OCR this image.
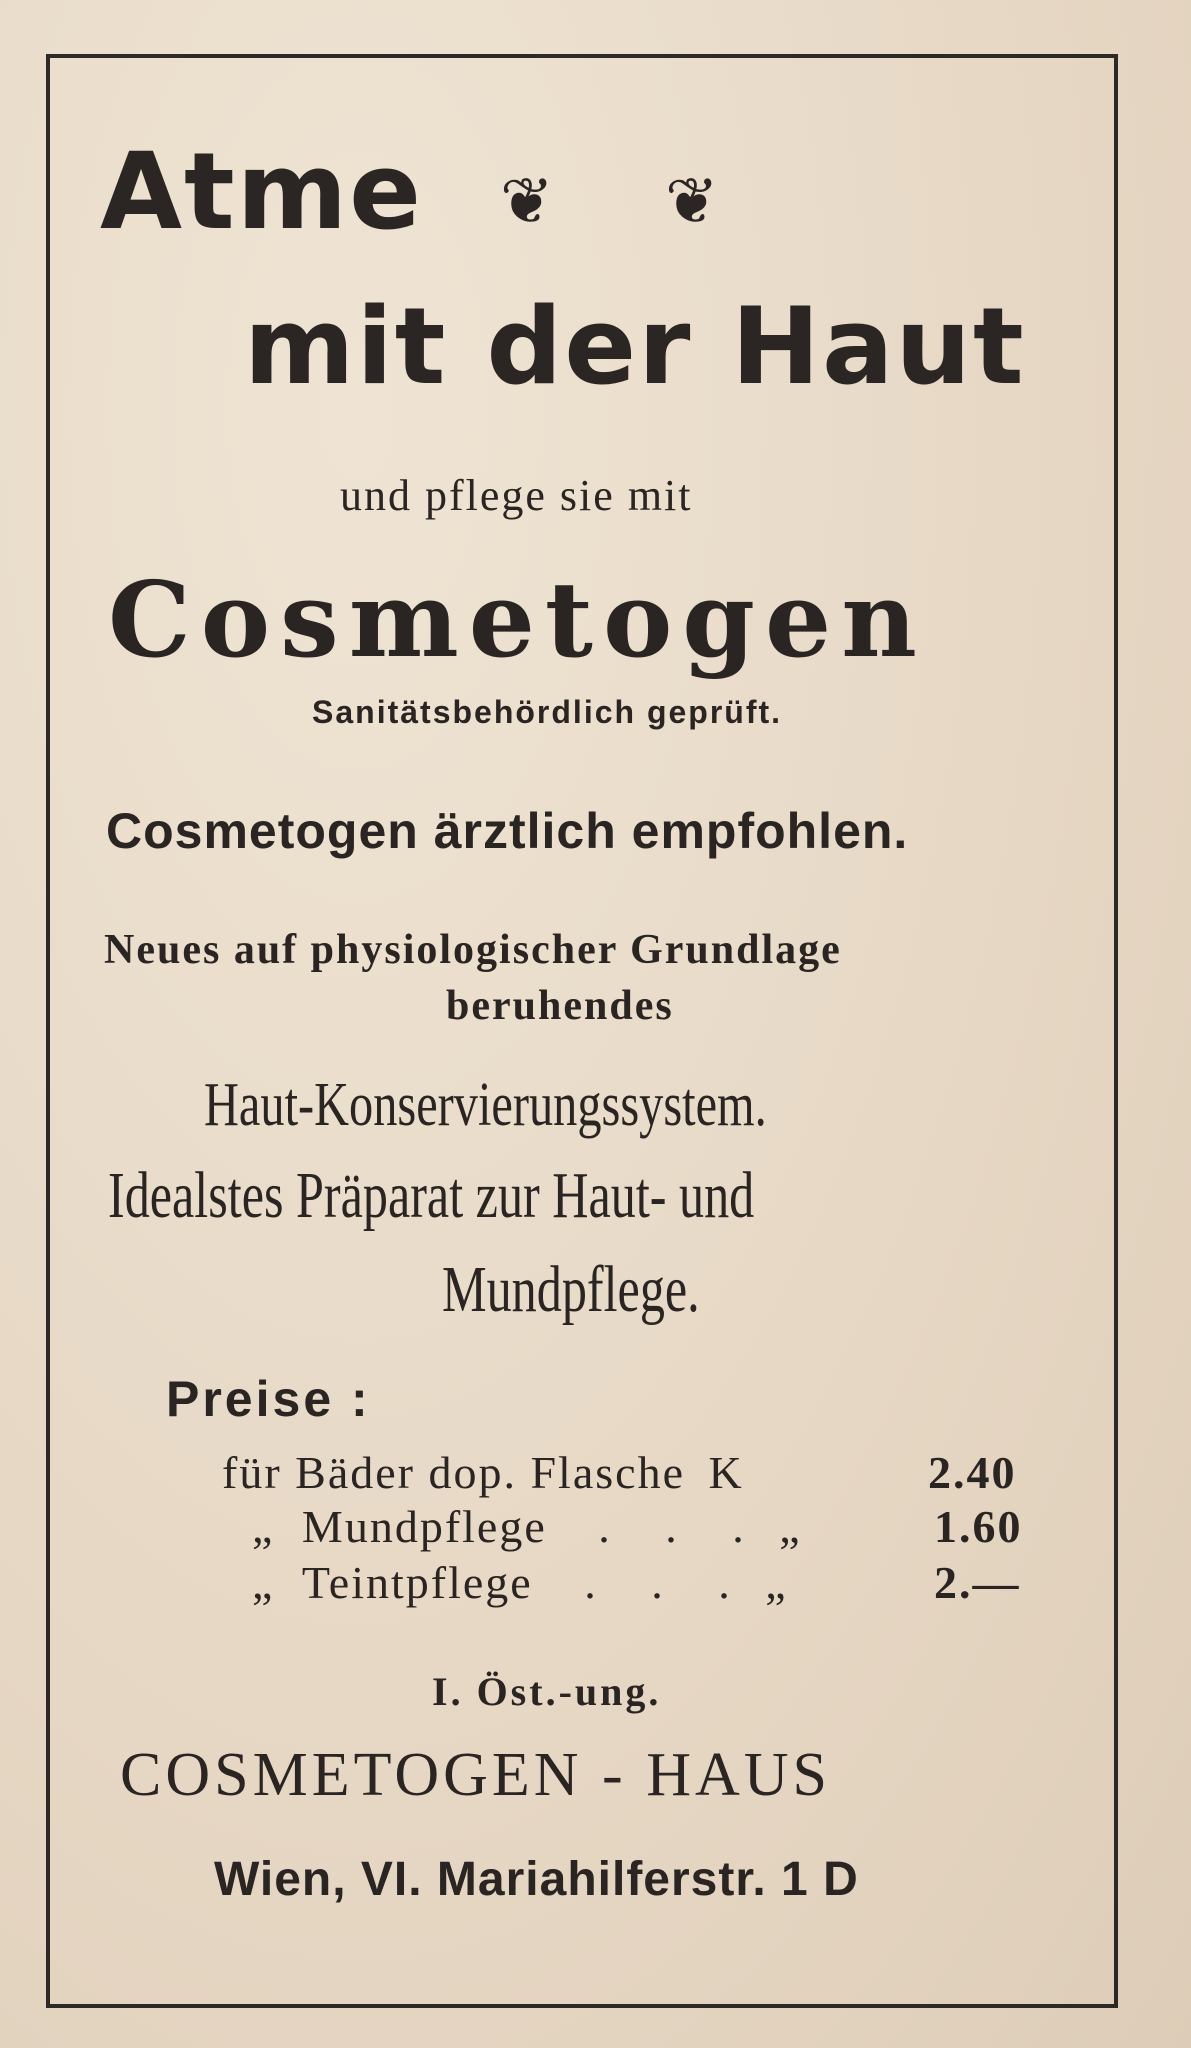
Atme ❦ ❦
mit der Haut
und pflege sie mit
Cosmetogen
Sanitätsbehördlich geprüft.
Cosmetogen ärztlich empfohlen.
Neues auf physiologischer Grundlage
beruhendes
Haut-Konservierungssystem.
Idealstes Präparat zur Haut- und
Mundpflege.
Preise :
für Bäder dop. Flasche K	2.40
„ Mundpflege . . . „	1.60
„ Teintpflege . . . „	2.—
I. Öst.-ung.
COSMETOGEN - HAUS
Wien, VI. Mariahilferstr. 1 D
